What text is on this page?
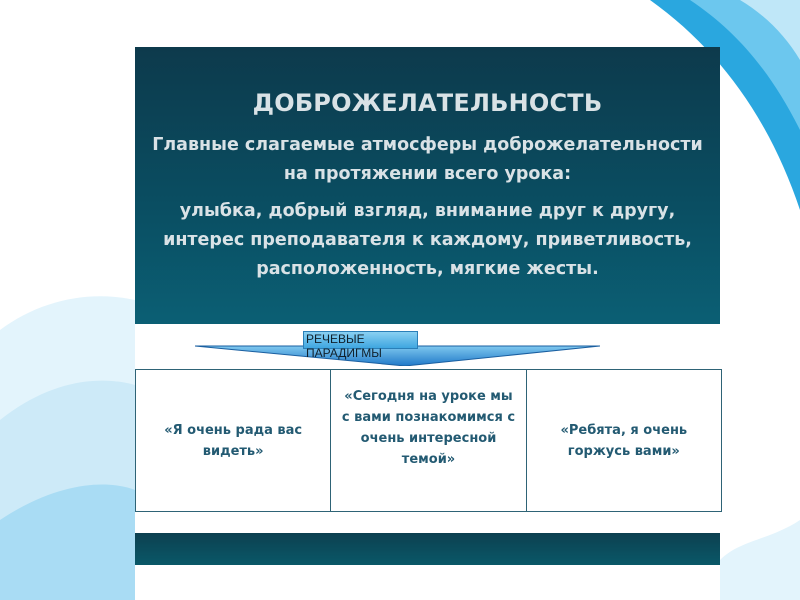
ДОБРОЖЕЛАТЕЛЬНОСТЬ
Главные слагаемые атмосферы доброжелательности на протяжении всего урока:
улыбка, добрый взгляд, внимание друг к другу, интерес преподавателя к каждому, приветливость, расположенность, мягкие жесты.
РЕЧЕВЫЕ ПАРАДИГМЫ
«Я очень рада вас видеть»
«Сегодня на уроке мы с вами познакомимся с очень интересной темой»
«Ребята, я очень горжусь вами»
